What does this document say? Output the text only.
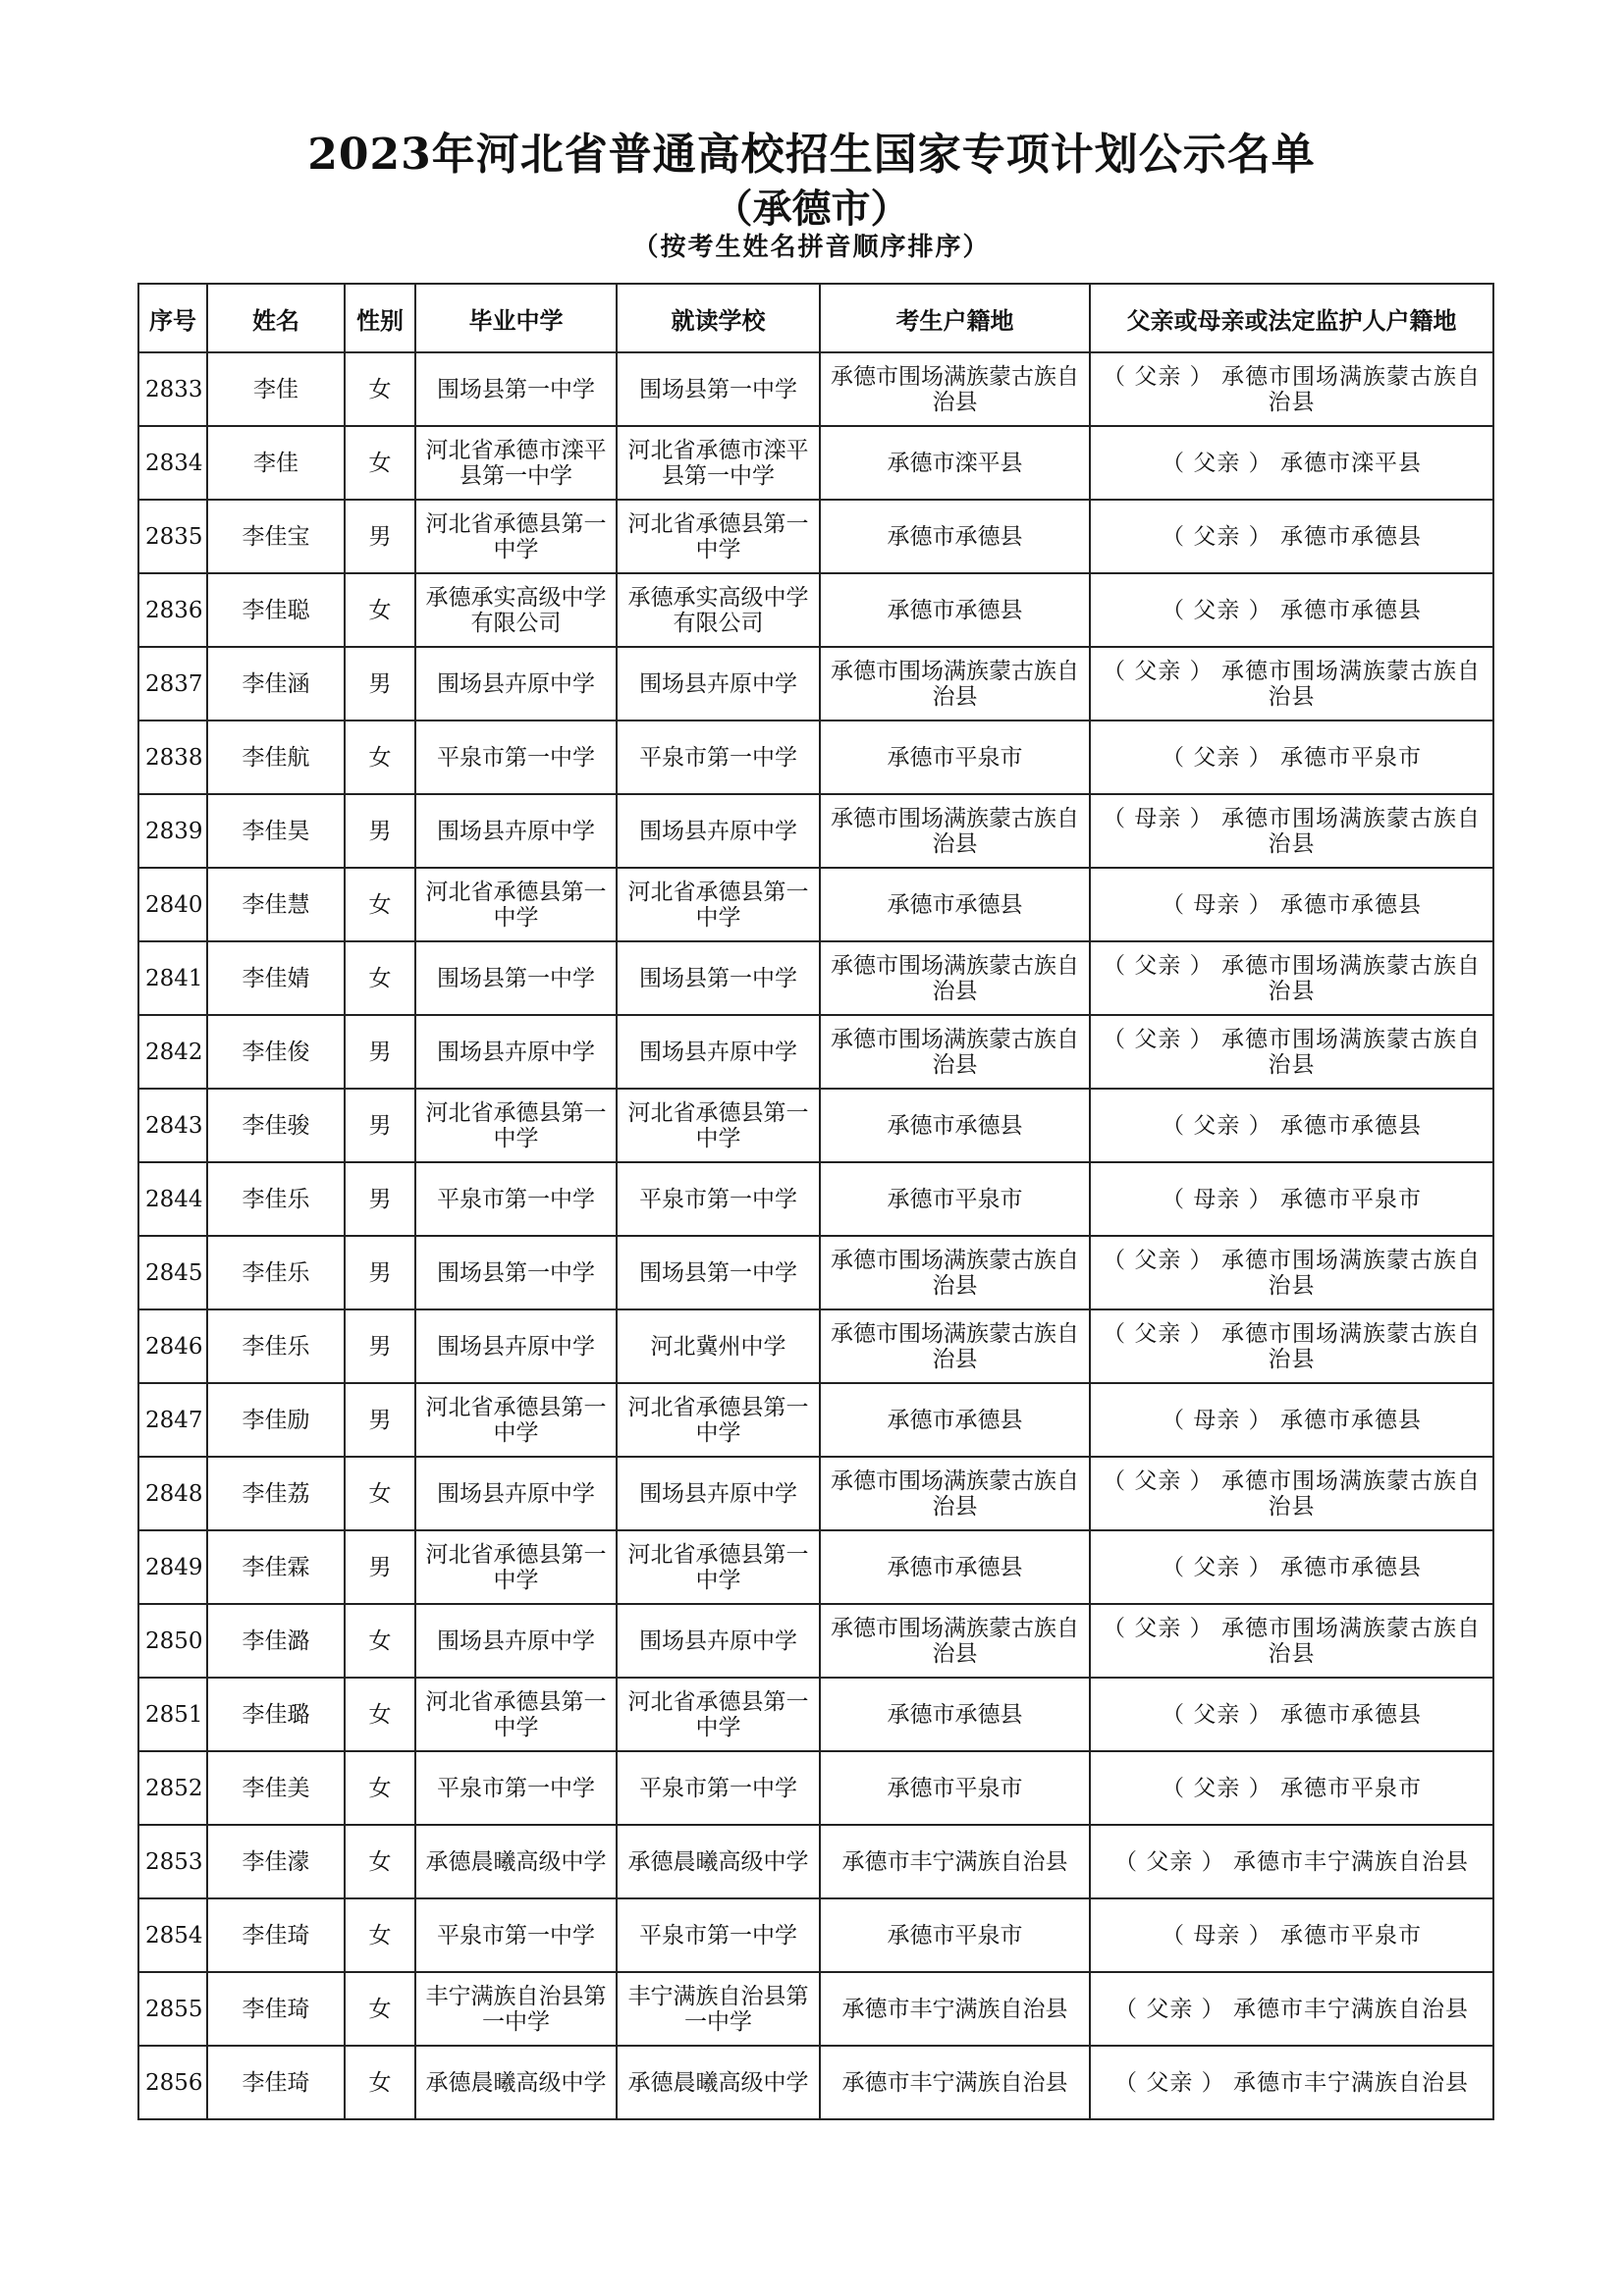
2023年河北省普通高校招生国家专项计划公示名单
（承德市）
（按考生姓名拼音顺序排序）
序号	姓名	性别	毕业中学	就读学校	考生户籍地	父亲或母亲或法定监护人户籍地
2833	李佳	女	围场县第一中学	围场县第一中学	承德市围场满族蒙古族自治县	（ 父亲 ） 承德市围场满族蒙古族自治县
2834	李佳	女	河北省承德市滦平县第一中学	河北省承德市滦平县第一中学	承德市滦平县	（ 父亲 ） 承德市滦平县
2835	李佳宝	男	河北省承德县第一中学	河北省承德县第一中学	承德市承德县	（ 父亲 ） 承德市承德县
2836	李佳聪	女	承德承实高级中学有限公司	承德承实高级中学有限公司	承德市承德县	（ 父亲 ） 承德市承德县
2837	李佳涵	男	围场县卉原中学	围场县卉原中学	承德市围场满族蒙古族自治县	（ 父亲 ） 承德市围场满族蒙古族自治县
2838	李佳航	女	平泉市第一中学	平泉市第一中学	承德市平泉市	（ 父亲 ） 承德市平泉市
2839	李佳昊	男	围场县卉原中学	围场县卉原中学	承德市围场满族蒙古族自治县	（ 母亲 ） 承德市围场满族蒙古族自治县
2840	李佳慧	女	河北省承德县第一中学	河北省承德县第一中学	承德市承德县	（ 母亲 ） 承德市承德县
2841	李佳婧	女	围场县第一中学	围场县第一中学	承德市围场满族蒙古族自治县	（ 父亲 ） 承德市围场满族蒙古族自治县
2842	李佳俊	男	围场县卉原中学	围场县卉原中学	承德市围场满族蒙古族自治县	（ 父亲 ） 承德市围场满族蒙古族自治县
2843	李佳骏	男	河北省承德县第一中学	河北省承德县第一中学	承德市承德县	（ 父亲 ） 承德市承德县
2844	李佳乐	男	平泉市第一中学	平泉市第一中学	承德市平泉市	（ 母亲 ） 承德市平泉市
2845	李佳乐	男	围场县第一中学	围场县第一中学	承德市围场满族蒙古族自治县	（ 父亲 ） 承德市围场满族蒙古族自治县
2846	李佳乐	男	围场县卉原中学	河北冀州中学	承德市围场满族蒙古族自治县	（ 父亲 ） 承德市围场满族蒙古族自治县
2847	李佳励	男	河北省承德县第一中学	河北省承德县第一中学	承德市承德县	（ 母亲 ） 承德市承德县
2848	李佳荔	女	围场县卉原中学	围场县卉原中学	承德市围场满族蒙古族自治县	（ 父亲 ） 承德市围场满族蒙古族自治县
2849	李佳霖	男	河北省承德县第一中学	河北省承德县第一中学	承德市承德县	（ 父亲 ） 承德市承德县
2850	李佳潞	女	围场县卉原中学	围场县卉原中学	承德市围场满族蒙古族自治县	（ 父亲 ） 承德市围场满族蒙古族自治县
2851	李佳璐	女	河北省承德县第一中学	河北省承德县第一中学	承德市承德县	（ 父亲 ） 承德市承德县
2852	李佳美	女	平泉市第一中学	平泉市第一中学	承德市平泉市	（ 父亲 ） 承德市平泉市
2853	李佳濛	女	承德晨曦高级中学	承德晨曦高级中学	承德市丰宁满族自治县	（ 父亲 ） 承德市丰宁满族自治县
2854	李佳琦	女	平泉市第一中学	平泉市第一中学	承德市平泉市	（ 母亲 ） 承德市平泉市
2855	李佳琦	女	丰宁满族自治县第一中学	丰宁满族自治县第一中学	承德市丰宁满族自治县	（ 父亲 ） 承德市丰宁满族自治县
2856	李佳琦	女	承德晨曦高级中学	承德晨曦高级中学	承德市丰宁满族自治县	（ 父亲 ） 承德市丰宁满族自治县
